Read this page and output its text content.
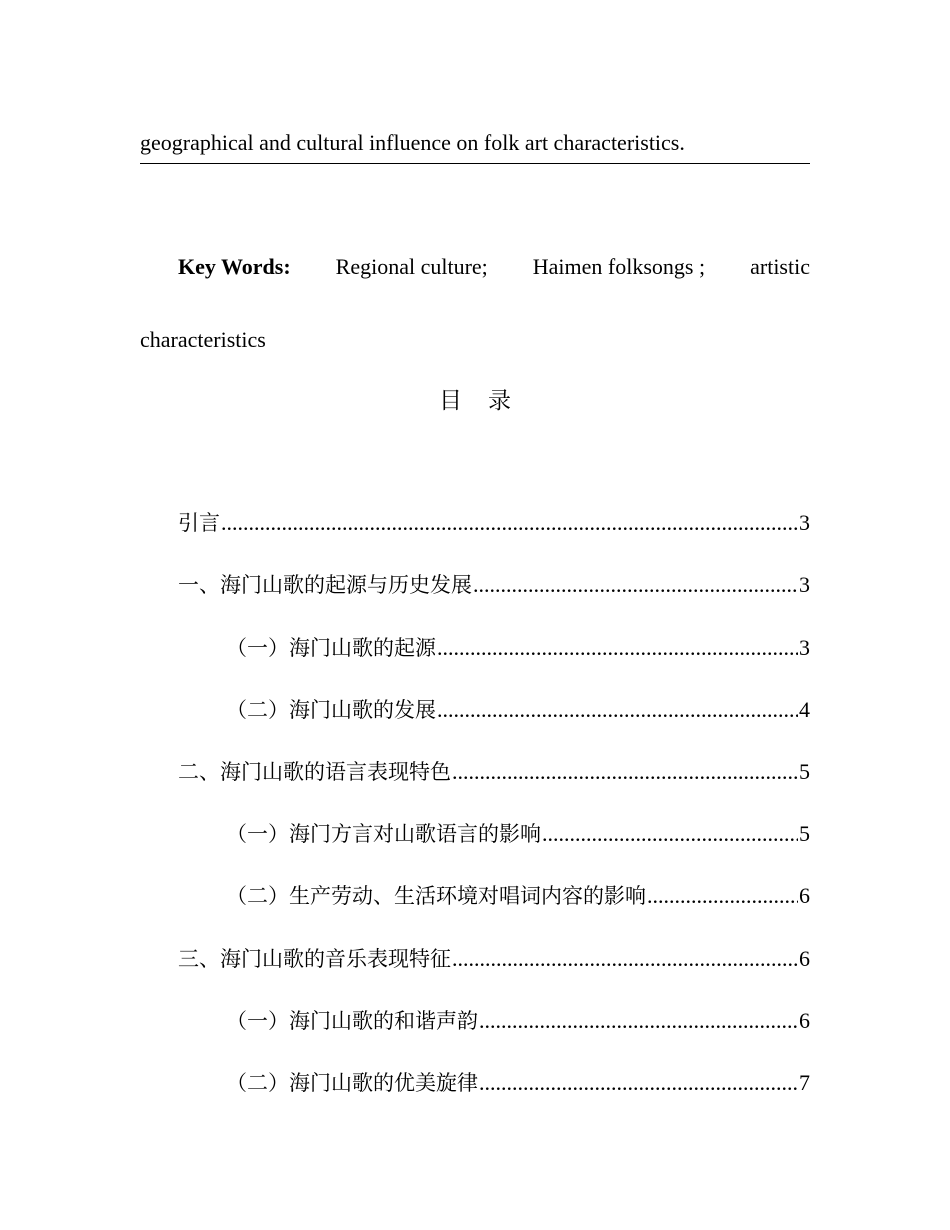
geographical and cultural influence on folk art characteristics.
Key Words: Regional culture; Haimen folksongs ; artistic
characteristics
目 录
引言 .....	3
一、海门山歌的起源与历史发展 .....	3
（一）海门山歌的起源 .....	3
（二）海门山歌的发展 .....	4
二、海门山歌的语言表现特色 .....	5
（一）海门方言对山歌语言的影响 .....	5
（二）生产劳动、生活环境对唱词内容的影响 .....	6
三、海门山歌的音乐表现特征 .....	6
（一）海门山歌的和谐声韵 .....	6
（二）海门山歌的优美旋律 .....	7
